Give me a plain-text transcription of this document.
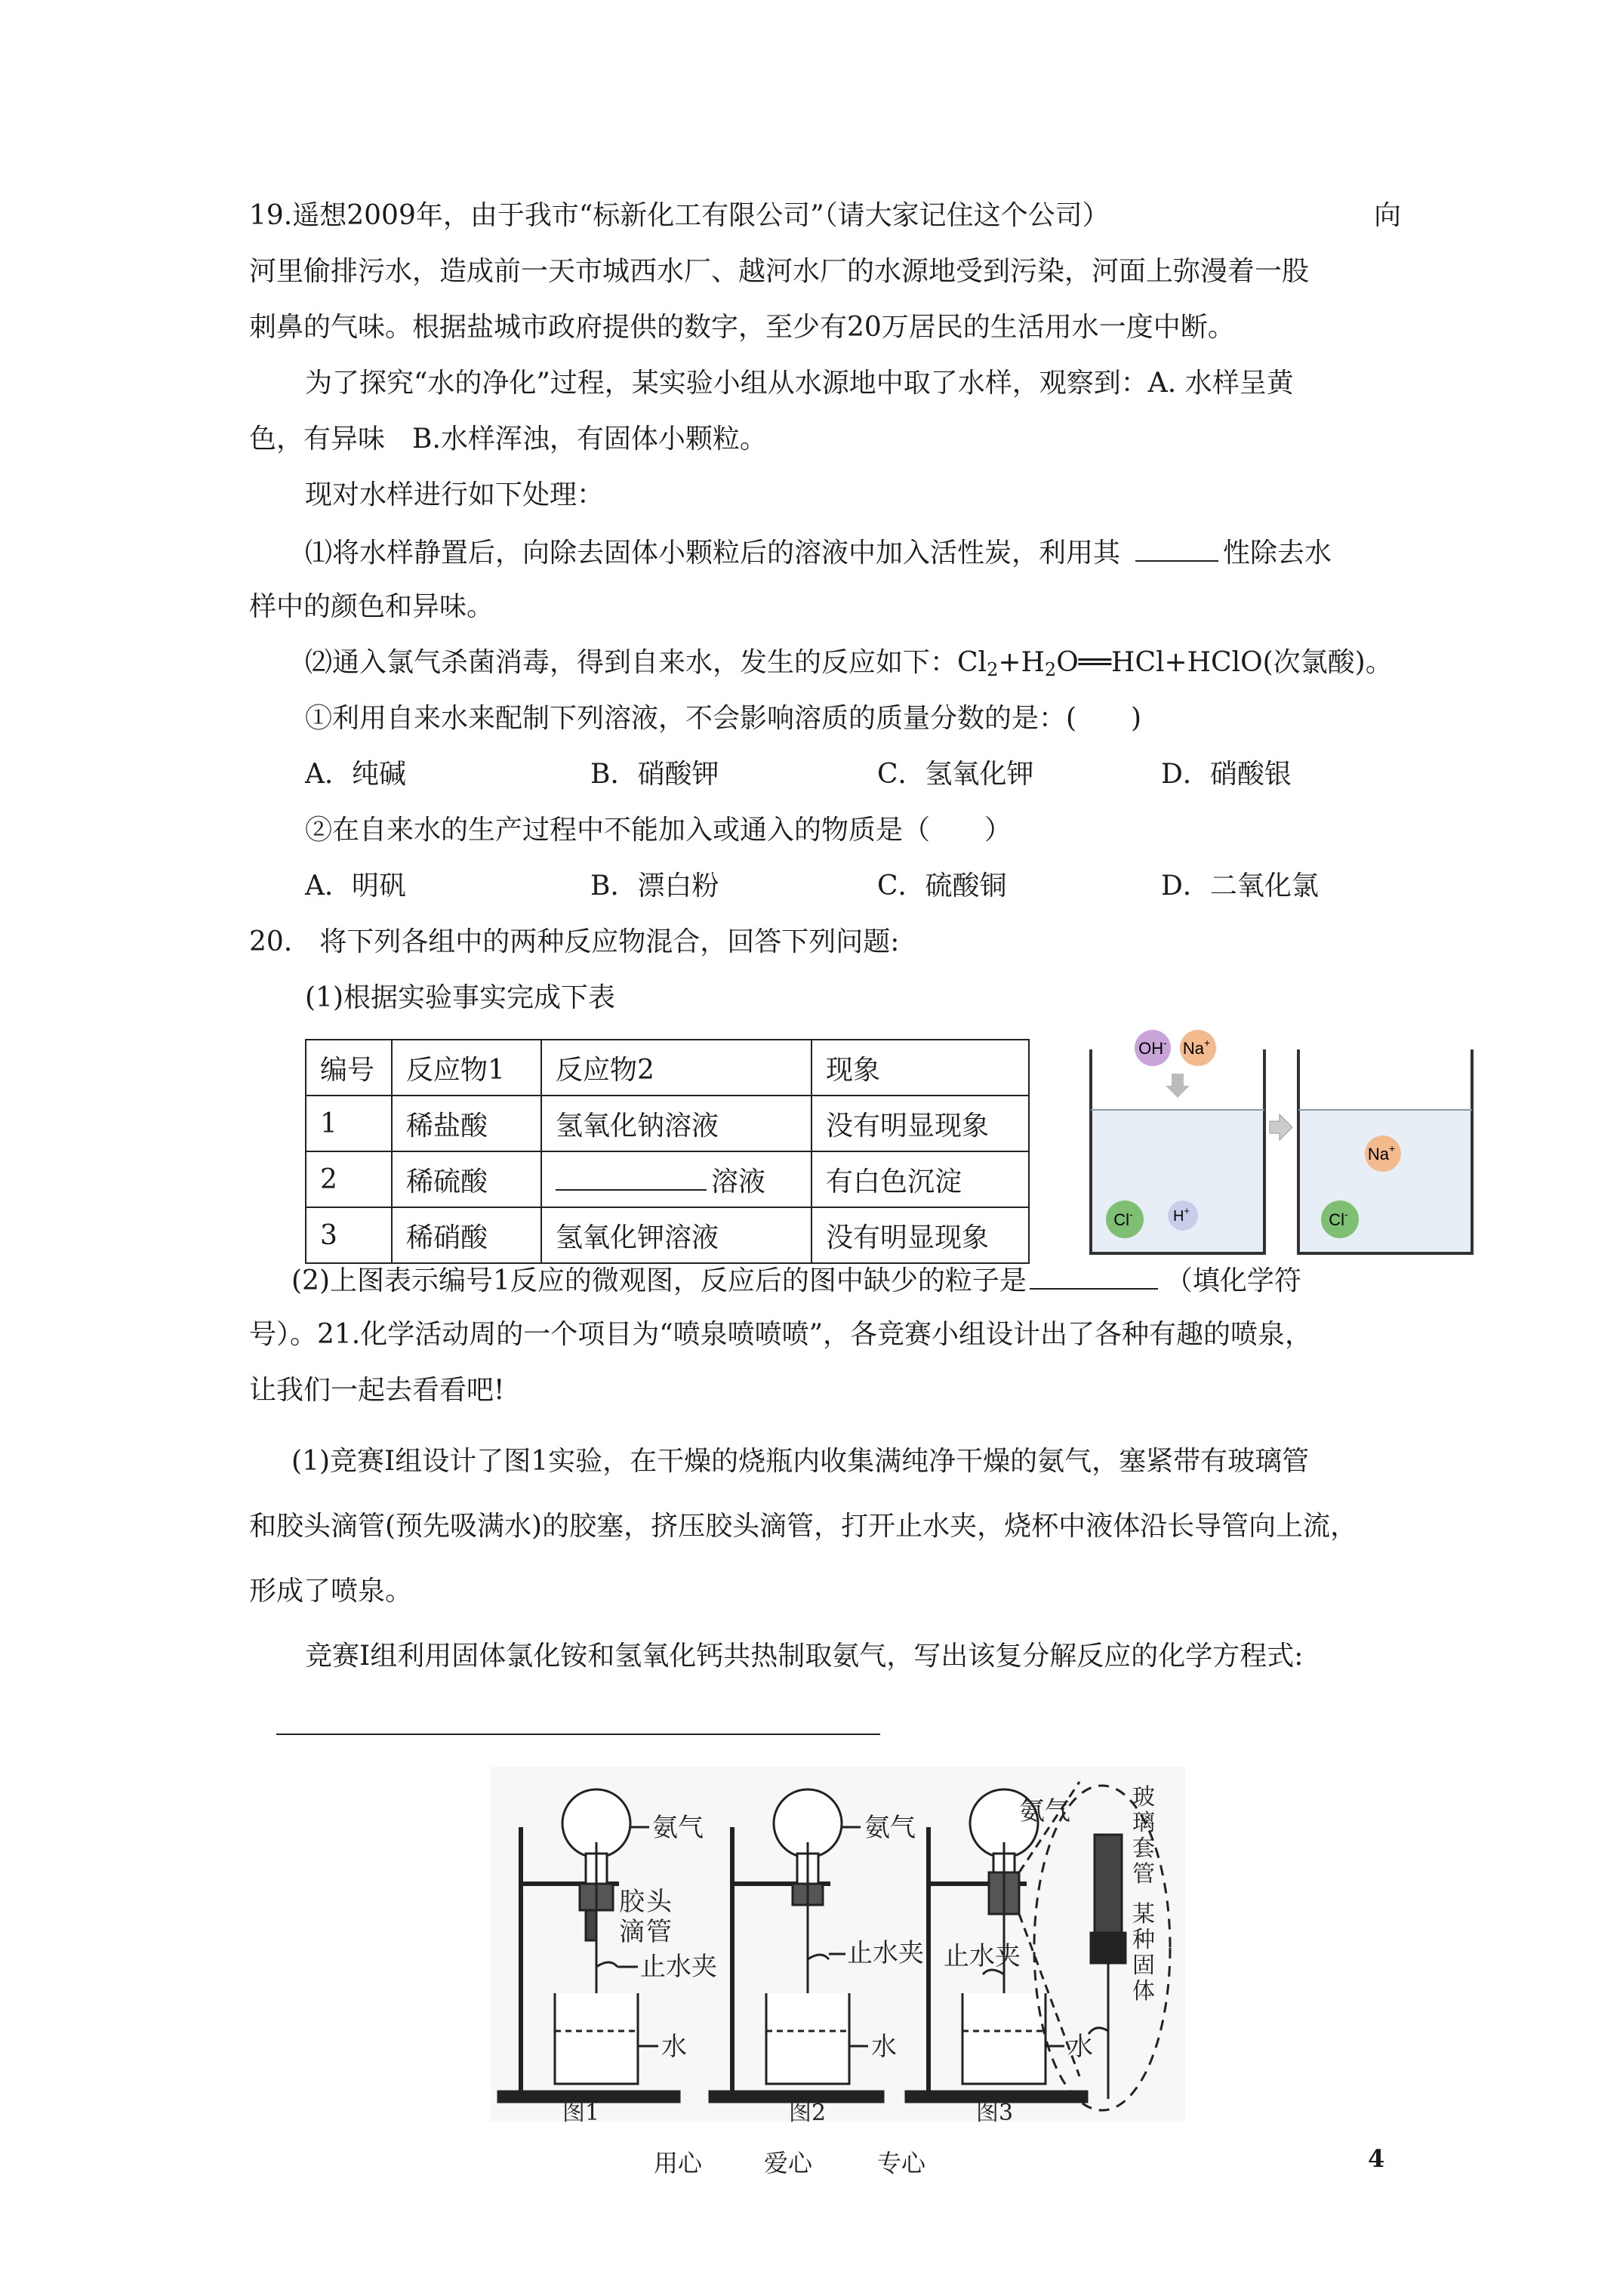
19.遥想2009年，由于我市“标新化工有限公司”（请大家记住这个公司）	向
河里偷排污水，造成前一天市城西水厂、越河水厂的水源地受到污染，河面上弥漫着一股
刺鼻的气味。根据盐城市政府提供的数字，至少有20万居民的生活用水一度中断。
为了探究“水的净化”过程，某实验小组从水源地中取了水样，观察到：A. 水样呈黄
色，有异味　B.水样浑浊，有固体小颗粒。
现对水样进行如下处理：
⑴将水样静置后，向除去固体小颗粒后的溶液中加入活性炭，利用其	性除去水
样中的颜色和异味。
⑵通入氯气杀菌消毒，得到自来水，发生的反应如下：$Cl_2+H_2O══HCl+HClO$(次氯酸)。
①利用自来水来配制下列溶液，不会影响溶质的质量分数的是：(　　)
A．纯碱	B．硝酸钾	C．氢氧化钾	D．硝酸银
②在自来水的生产过程中不能加入或通入的物质是（　　）
A．明矾	B．漂白粉	C．硫酸铜	D．二氧化氯
20.　将下列各组中的两种反应物混合，回答下列问题:
(1)根据实验事实完成下表
编号	反应物1	反应物2	现象
1	稀盐酸	氢氧化钠溶液	没有明显现象
2	稀硫酸	溶液	有白色沉淀
3	稀硝酸	氢氧化钾溶液	没有明显现象
OH- Na+
Cl-	H+
Na+
Cl-
(2)上图表示编号1反应的微观图，反应后的图中缺少的粒子是	（填化学符
号）。21.化学活动周的一个项目为“喷泉喷喷喷”，各竞赛小组设计出了各种有趣的喷泉，
让我们一起去看看吧!
(1)竞赛Ⅰ组设计了图1实验，在干燥的烧瓶内收集满纯净干燥的氨气，塞紧带有玻璃管
和胶头滴管(预先吸满水)的胶塞，挤压胶头滴管，打开止水夹，烧杯中液体沿长导管向上流，
形成了喷泉。
竞赛Ⅰ组利用固体氯化铵和氢氧化钙共热制取氨气，写出该复分解反应的化学方程式:
氨气	氨气
氨气
胶 头
滴 管
止水夹	止水夹 止水夹
水	水	水
玻
璃
套
管
某
种
固
体
图1	图2	图3
用心	爱心	专心	4
